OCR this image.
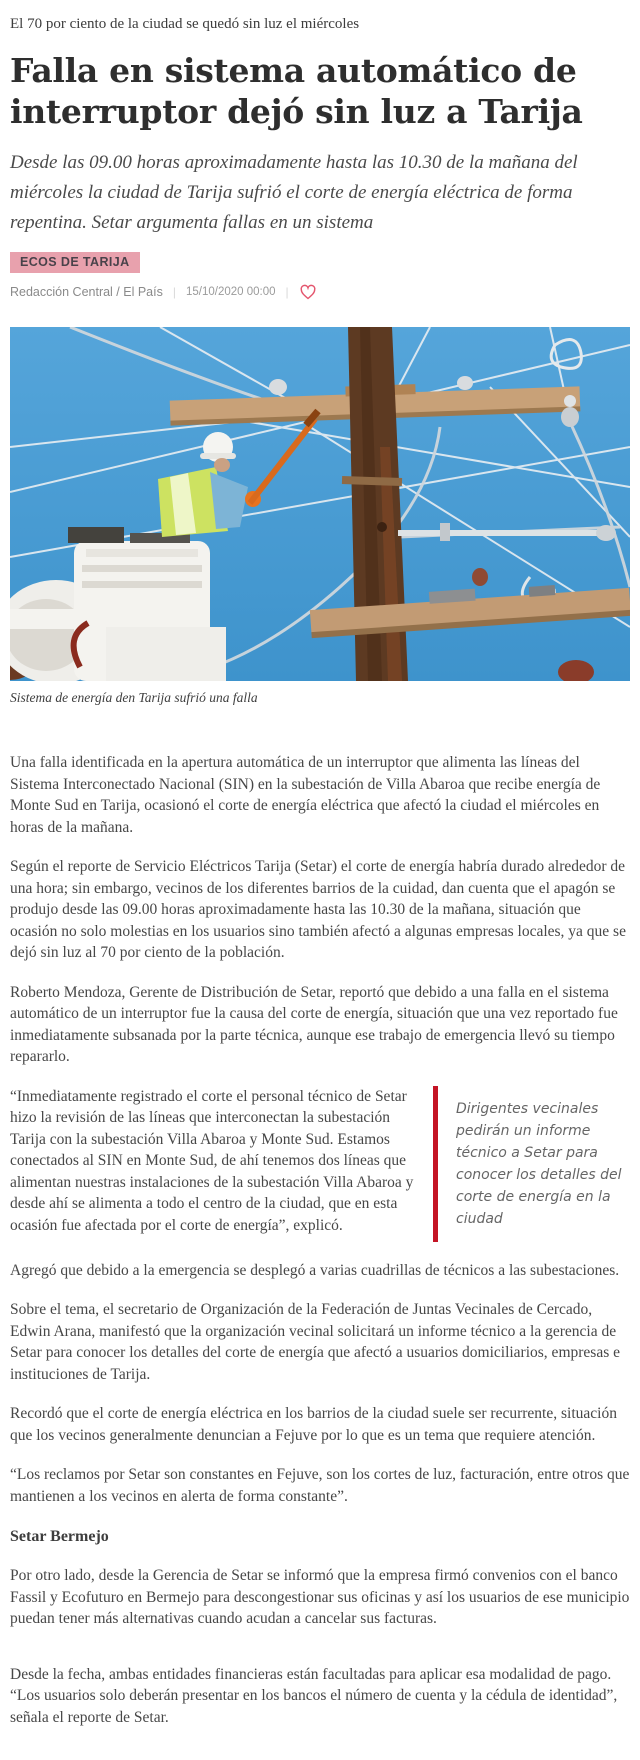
El 70 por ciento de la ciudad se quedó sin luz el miércoles
Falla en sistema automático de interruptor dejó sin luz a Tarija
Desde las 09.00 horas aproximadamente hasta las 10.30 de la mañana del miércoles la ciudad de Tarija sufrió el corte de energía eléctrica de forma repentina. Setar argumenta fallas en un sistema
ECOS DE TARIJA
Redacción Central / El País | 15/10/2020 00:00 |
Sistema de energía den Tarija sufrió una falla

Una falla identificada en la apertura automática de un interruptor que alimenta las líneas del Sistema Interconectado Nacional (SIN) en la subestación de Villa Abaroa que recibe energía de Monte Sud en Tarija, ocasionó el corte de energía eléctrica que afectó la ciudad el miércoles en horas de la mañana.

Según el reporte de Servicio Eléctricos Tarija (Setar) el corte de energía habría durado alrededor de una hora; sin embargo, vecinos de los diferentes barrios de la cuidad, dan cuenta que el apagón se produjo desde las 09.00 horas aproximadamente hasta las 10.30 de la mañana, situación que ocasión no solo molestias en los usuarios sino también afectó a algunas empresas locales, ya que se dejó sin luz al 70 por ciento de la población.

Roberto Mendoza, Gerente de Distribución de Setar, reportó que debido a una falla en el sistema automático de un interruptor fue la causa del corte de energía, situación que una vez reportado fue inmediatamente subsanada por la parte técnica, aunque ese trabajo de emergencia llevó su tiempo repararlo.

“Inmediatamente registrado el corte el personal técnico de Setar hizo la revisión de las líneas que interconectan la subestación Tarija con la subestación Villa Abaroa y Monte Sud. Estamos conectados al SIN en Monte Sud, de ahí tenemos dos líneas que alimentan nuestras instalaciones de la subestación Villa Abaroa y desde ahí se alimenta a todo el centro de la ciudad, que en esta ocasión fue afectada por el corte de energía”, explicó.

Dirigentes vecinales pedirán un informe técnico a Setar para conocer los detalles del corte de energía en la ciudad

Agregó que debido a la emergencia se desplegó a varias cuadrillas de técnicos a las subestaciones.

Sobre el tema, el secretario de Organización de la Federación de Juntas Vecinales de Cercado, Edwin Arana, manifestó que la organización vecinal solicitará un informe técnico a la gerencia de Setar para conocer los detalles del corte de energía que afectó a usuarios domiciliarios, empresas e instituciones de Tarija.

Recordó que el corte de energía eléctrica en los barrios de la ciudad suele ser recurrente, situación que los vecinos generalmente denuncian a Fejuve por lo que es un tema que requiere atención.

“Los reclamos por Setar son constantes en Fejuve, son los cortes de luz, facturación, entre otros que mantienen a los vecinos en alerta de forma constante”.

Setar Bermejo

Por otro lado, desde la Gerencia de Setar se informó que la empresa firmó convenios con el banco Fassil y Ecofuturo en Bermejo para descongestionar sus oficinas y así los usuarios de ese municipio puedan tener más alternativas cuando acudan a cancelar sus facturas.

Desde la fecha, ambas entidades financieras están facultadas para aplicar esa modalidad de pago. “Los usuarios solo deberán presentar en los bancos el número de cuenta y la cédula de identidad”, señala el reporte de Setar.
